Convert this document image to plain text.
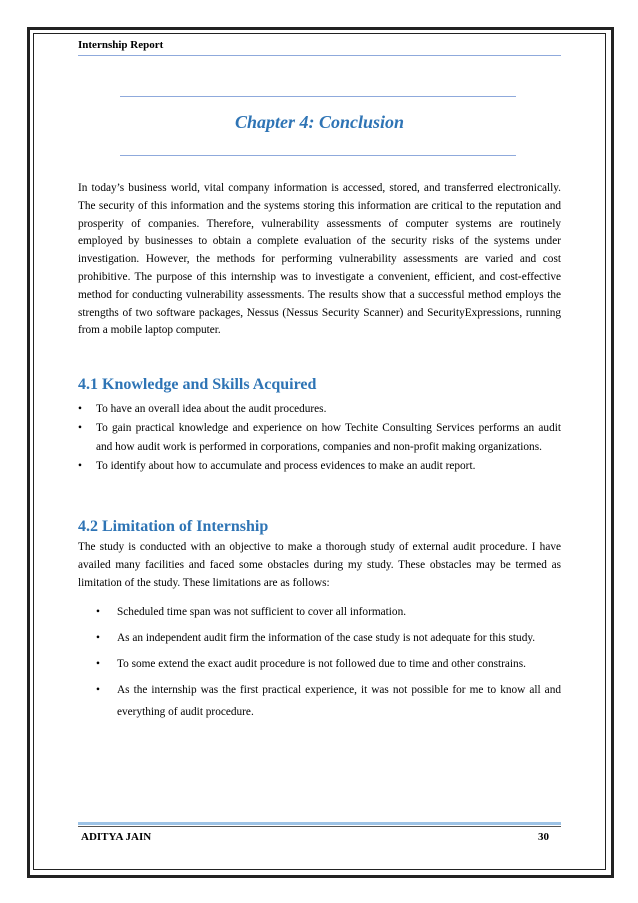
Internship Report
Chapter 4: Conclusion

In today’s business world, vital company information is accessed, stored, and transferred electronically. The security of this information and the systems storing this information are critical to the reputation and prosperity of companies. Therefore, vulnerability assessments of computer systems are routinely employed by businesses to obtain a complete evaluation of the security risks of the systems under investigation. However, the methods for performing vulnerability assessments are varied and cost prohibitive. The purpose of this internship was to investigate a convenient, efficient, and cost-effective method for conducting vulnerability assessments. The results show that a successful method employs the strengths of two software packages, Nessus (Nessus Security Scanner) and SecurityExpressions, running from a mobile laptop computer.

4.1 Knowledge and Skills Acquired
• To have an overall idea about the audit procedures.
• To gain practical knowledge and experience on how Techite Consulting Services performs an audit and how audit work is performed in corporations, companies and non-profit making organizations.
• To identify about how to accumulate and process evidences to make an audit report.
4.2 Limitation of Internship

The study is conducted with an objective to make a thorough study of external audit procedure. I have availed many facilities and faced some obstacles during my study. These obstacles may be termed as limitation of the study. These limitations are as follows:

• Scheduled time span was not sufficient to cover all information.
• As an independent audit firm the information of the case study is not adequate for this study.
• To some extend the exact audit procedure is not followed due to time and other constrains.
• As the internship was the first practical experience, it was not possible for me to know all and everything of audit procedure.
ADITYA JAIN	30
